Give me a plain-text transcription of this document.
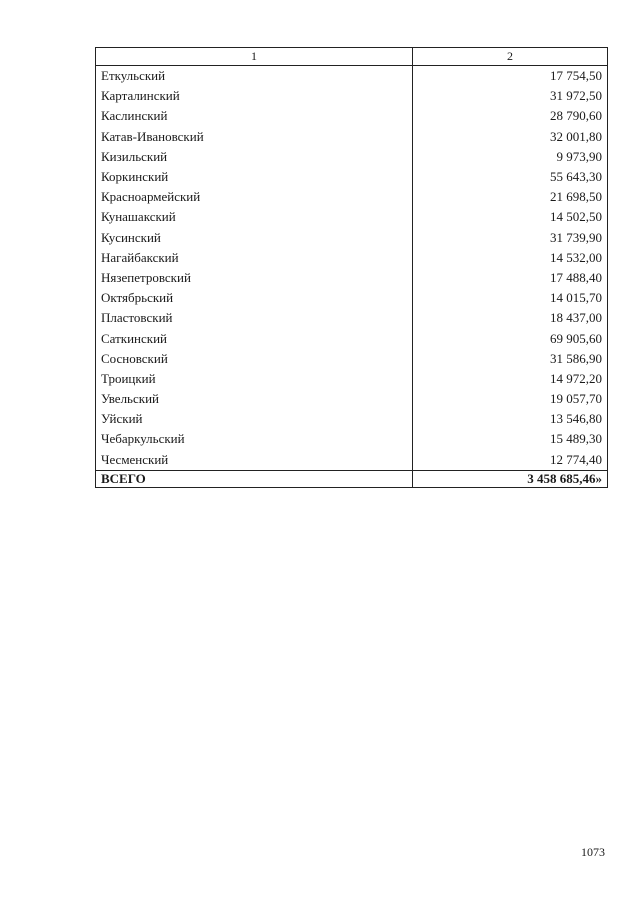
1	2
Еткульский	17 754,50
Карталинский	31 972,50
Каслинский	28 790,60
Катав-Ивановский	32 001,80
Кизильский	9 973,90
Коркинский	55 643,30
Красноармейский	21 698,50
Кунашакский	14 502,50
Кусинский	31 739,90
Нагайбакский	14 532,00
Нязепетровский	17 488,40
Октябрьский	14 015,70
Пластовский	18 437,00
Саткинский	69 905,60
Сосновский	31 586,90
Троицкий	14 972,20
Увельский	19 057,70
Уйский	13 546,80
Чебаркульский	15 489,30
Чесменский	12 774,40
ВСЕГО	3 458 685,46»
1073
